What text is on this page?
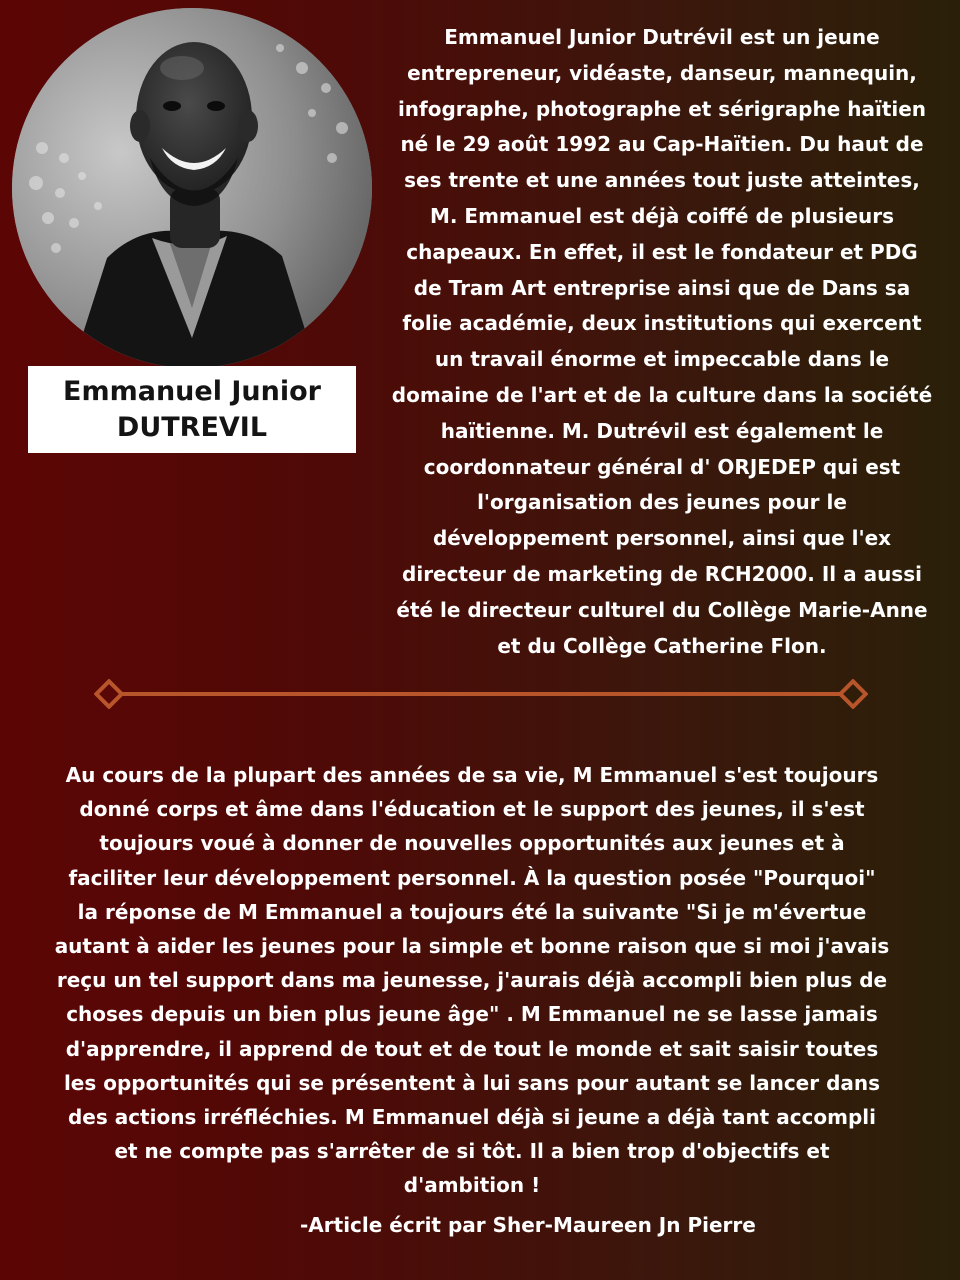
Emmanuel Junior
DUTREVIL
Emmanuel Junior Dutrévil est un jeune
entrepreneur, vidéaste, danseur, mannequin,
infographe, photographe et sérigraphe haïtien
né le 29 août 1992 au Cap-Haïtien. Du haut de
ses trente et une années tout juste atteintes,
M. Emmanuel est déjà coiffé de plusieurs
chapeaux. En effet, il est le fondateur et PDG
de Tram Art entreprise ainsi que de Dans sa
folie académie, deux institutions qui exercent
un travail énorme et impeccable dans le
domaine de l'art et de la culture dans la société
haïtienne. M. Dutrévil est également le
coordonnateur général d' ORJEDEP qui est
l'organisation des jeunes pour le
développement personnel, ainsi que l'ex
directeur de marketing de RCH2000. Il a aussi
été le directeur culturel du Collège Marie-Anne
et du Collège Catherine Flon.
Au cours de la plupart des années de sa vie, M Emmanuel s'est toujours
donné corps et âme dans l'éducation et le support des jeunes, il s'est
toujours voué à donner de nouvelles opportunités aux jeunes et à
faciliter leur développement personnel. À la question posée "Pourquoi"
la réponse de M Emmanuel a toujours été la suivante "Si je m'évertue
autant à aider les jeunes pour la simple et bonne raison que si moi j'avais
reçu un tel support dans ma jeunesse, j'aurais déjà accompli bien plus de
choses depuis un bien plus jeune âge" . M Emmanuel ne se lasse jamais
d'apprendre, il apprend de tout et de tout le monde et sait saisir toutes
les opportunités qui se présentent à lui sans pour autant se lancer dans
des actions irréfléchies. M Emmanuel déjà si jeune a déjà tant accompli
et ne compte pas s'arrêter de si tôt. Il a bien trop d'objectifs et
d'ambition !
-Article écrit par Sher-Maureen Jn Pierre
